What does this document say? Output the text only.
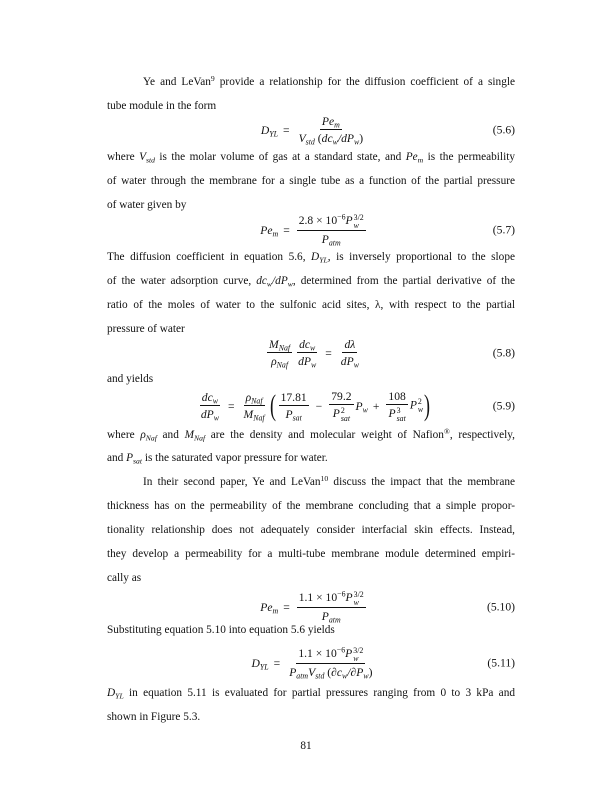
Ye and LeVan$^9$ provide a relationship for the diffusion coefficient of a single
tube module in the form
$D_{YL} = \frac{Pe_m}{V_{std} (dc_w/dP_w)}$	(5.6)
where $V_{std}$ is the molar volume of gas at a standard state, and $Pe_m$ is the permeability
of water through the membrane for a single tube as a function of the partial pressure
of water given by
$Pe_m = 2.8 \times 10^{-6}P$ 3/2
w
$P_{atm}$	(5.7)
The diffusion coefficient in equation 5.6, $D_{YL}$, is inversely proportional to the slope
of the water adsorption curve, $dc_w/dP_w$, determined from the partial derivative of the
ratio of the moles of water to the sulfonic acid sites, λ, with respect to the partial
pressure of water
$\frac{M_{Naf}}{\rho_{Naf}} \frac{dc_w}{dP_w} = \frac{d\lambda}{dP_w}$	(5.8)
and yields
$\frac{dc_w}{dP_w} = \frac{\rho_{Naf}}{M_{Naf}}$ ( $\frac{17.81}{P_{sat}} - 79.2$
P 2
sat $P_w + 108$
P 3
sat P 2
w )	(5.9)
where $\rho_{Naf}$ and $M_{Naf}$ are the density and molecular weight of Nafion®, respectively,
and $P_{sat}$ is the saturated vapor pressure for water.
In their second paper, Ye and LeVan$^{10}$ discuss the impact that the membrane
thickness has on the permeability of the membrane concluding that a simple propor-
tionality relationship does not adequately consider interfacial skin effects. Instead,
they develop a permeability for a multi-tube membrane module determined empiri-
cally as
$Pe_m = 1.1 \times 10^{-6}P$ 3/2
w
$P_{atm}$	(5.10)
Substituting equation 5.10 into equation 5.6 yields
$D_{YL} = 1.1 \times 10^{-6}P$ 3/2
w
$P_{atm}V_{std}$ $(\partial c_w/\partial P_w)$	(5.11)
$D_{YL}$ in equation 5.11 is evaluated for partial pressures ranging from 0 to 3 kPa and
shown in Figure 5.3.
81
